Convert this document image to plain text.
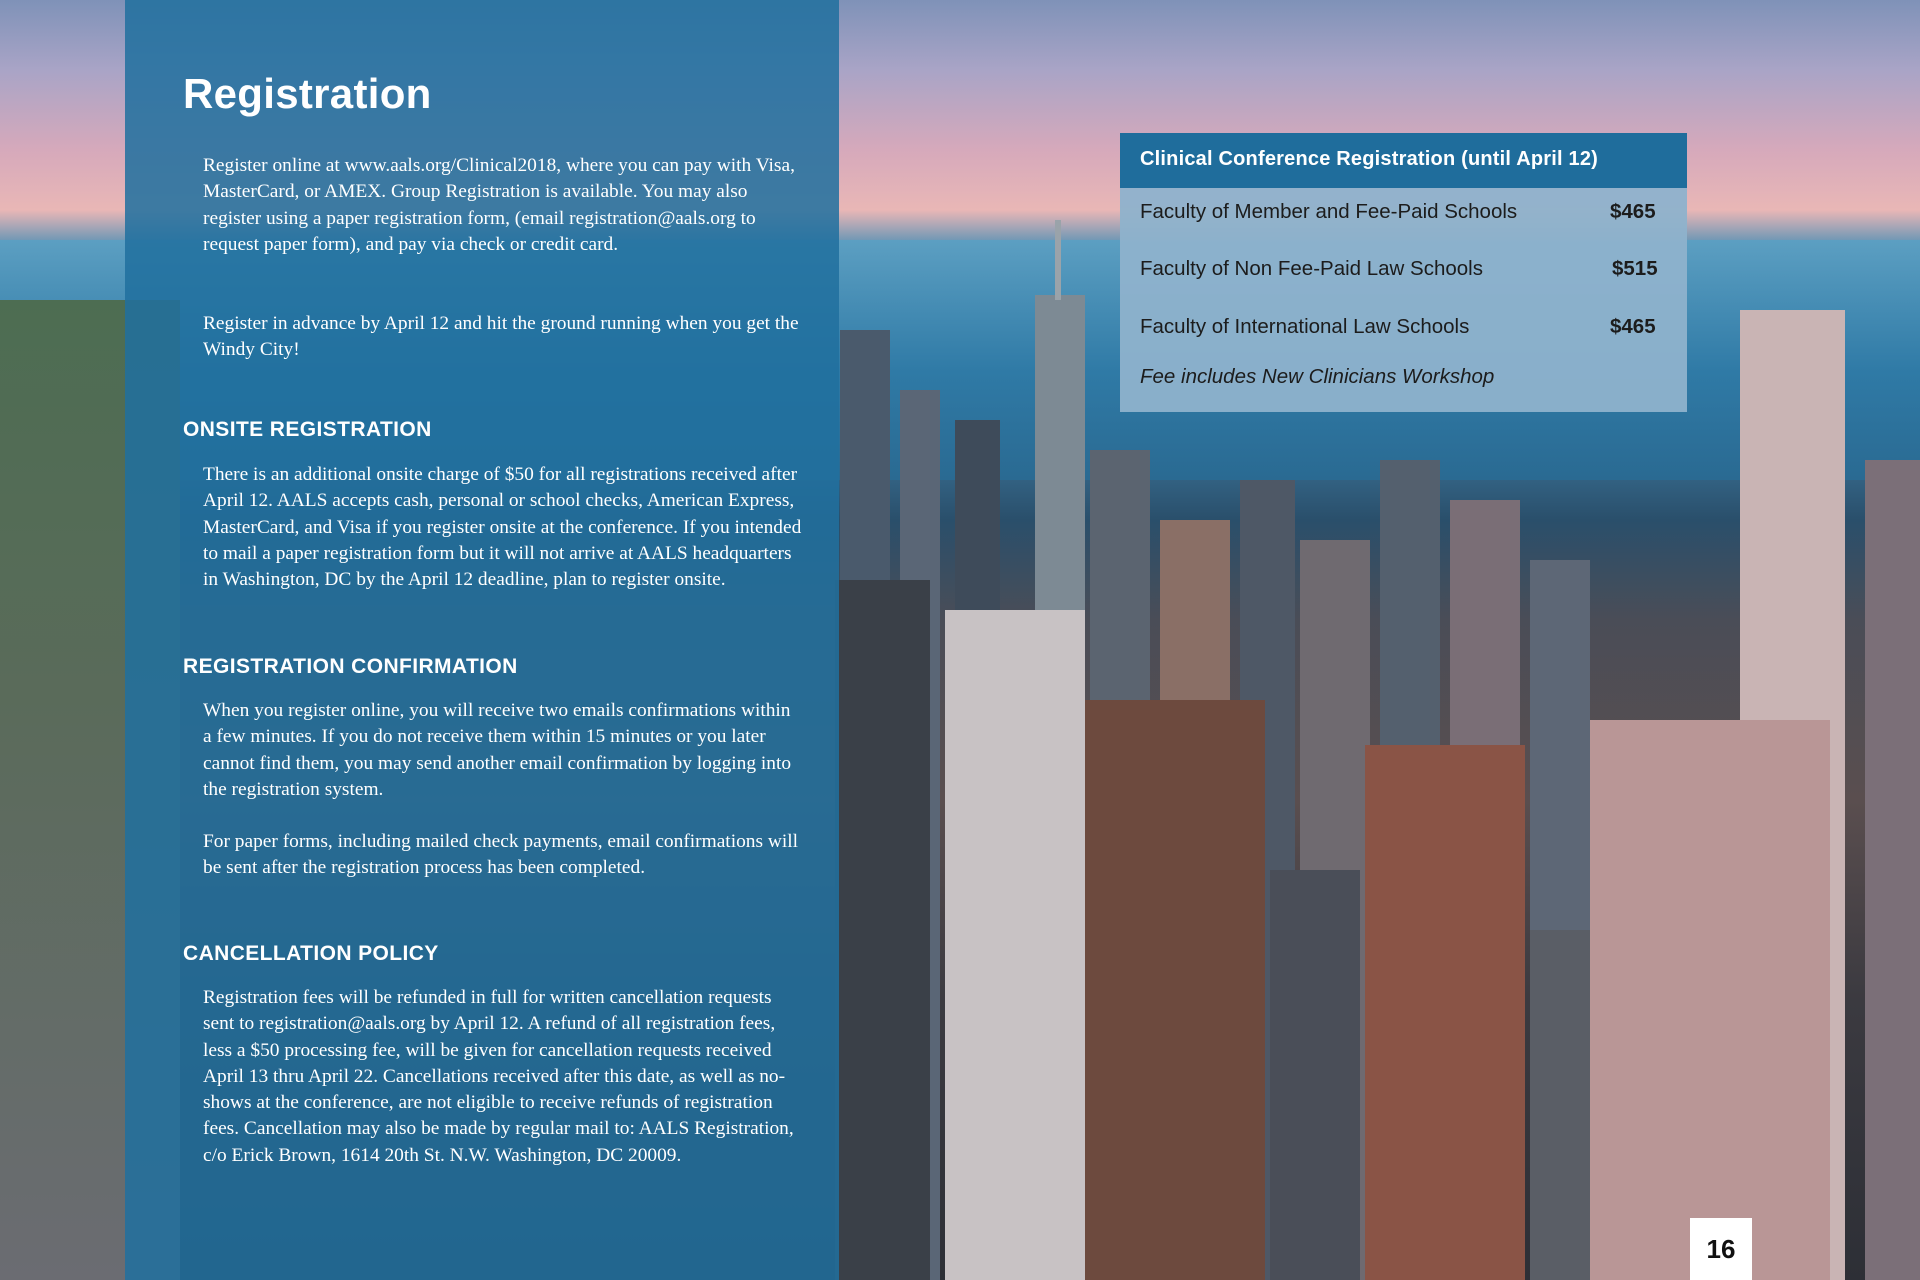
Registration

Register online at www.aals.org/Clinical2018, where you can pay with Visa, MasterCard, or AMEX. Group Registration is available. You may also register using a paper registration form, (email registration@aals.org to request paper form), and pay via check or credit card.

Register in advance by April 12 and hit the ground running when you get the Windy City!

ONSITE REGISTRATION

There is an additional onsite charge of $50 for all registrations received after April 12. AALS accepts cash, personal or school checks, American Express, MasterCard, and Visa if you register onsite at the conference. If you intended to mail a paper registration form but it will not arrive at AALS headquarters in Washington, DC by the April 12 deadline, plan to register onsite.

REGISTRATION CONFIRMATION

When you register online, you will receive two emails confirmations within a few minutes. If you do not receive them within 15 minutes or you later cannot find them, you may send another email confirmation by logging into the registration system.

For paper forms, including mailed check payments, email confirmations will be sent after the registration process has been completed.

CANCELLATION POLICY

Registration fees will be refunded in full for written cancellation requests sent to registration@aals.org by April 12. A refund of all registration fees, less a $50 processing fee, will be given for cancellation requests received April 13 thru April 22. Cancellations received after this date, as well as no-shows at the conference, are not eligible to receive refunds of registration fees. Cancellation may also be made by regular mail to: AALS Registration, c/o Erick Brown, 1614 20th St. N.W. Washington, DC 20009.

Clinical Conference Registration (until April 12)
Faculty of Member and Fee-Paid Schools	$465
Faculty of Non Fee-Paid Law Schools	$515
Faculty of International Law Schools	$465
Fee includes New Clinicians Workshop
16
